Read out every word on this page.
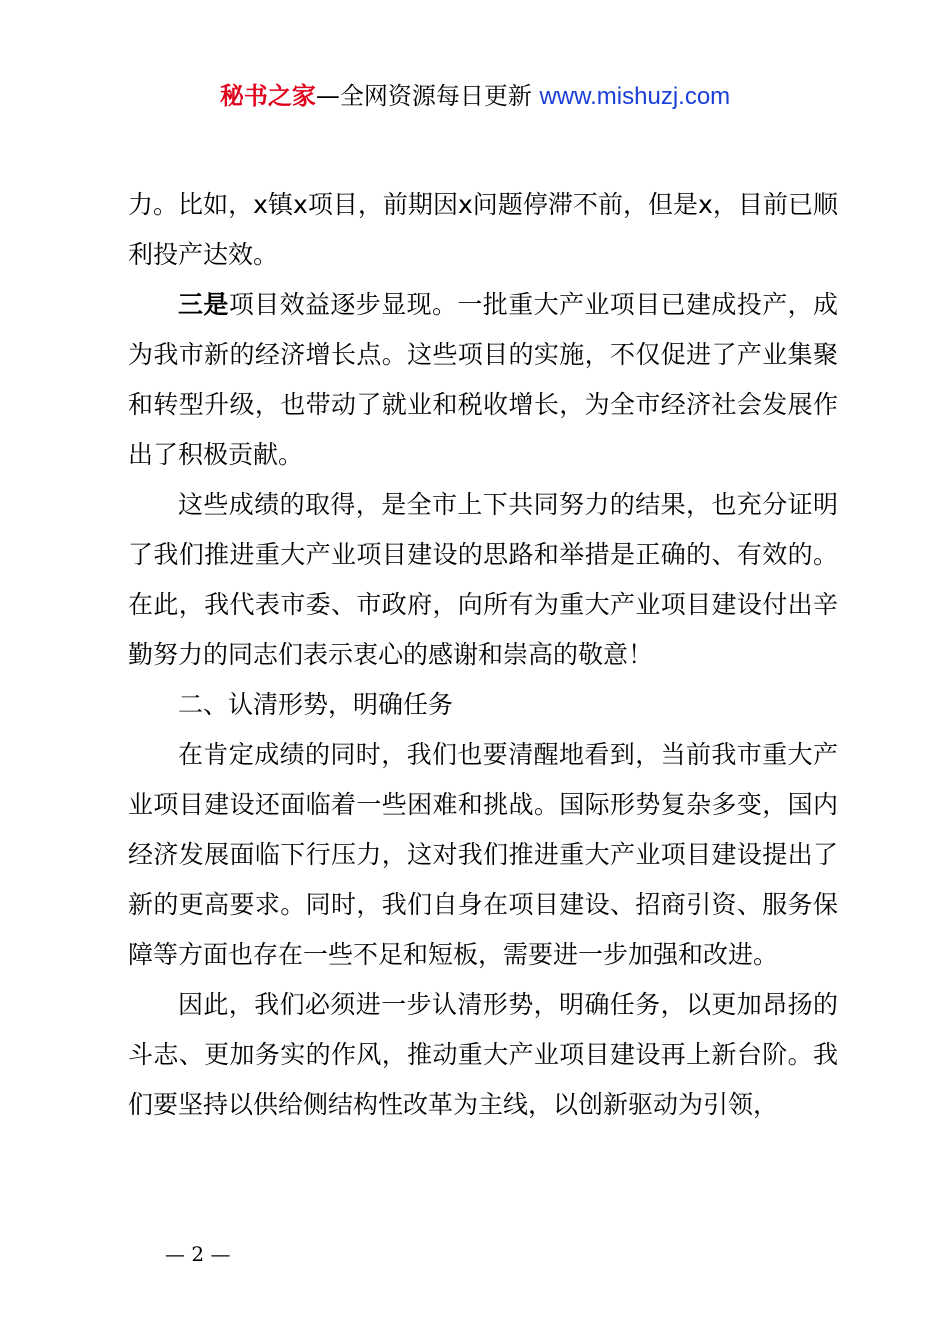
秘书之家—全网资源每日更新 www.mishuzj.com

力。比如，x镇x项目，前期因x问题停滞不前，但是x，目前已顺利投产达效。

三是项目效益逐步显现。一批重大产业项目已建成投产，成为我市新的经济增长点。这些项目的实施，不仅促进了产业集聚和转型升级，也带动了就业和税收增长，为全市经济社会发展作出了积极贡献。

这些成绩的取得，是全市上下共同努力的结果，也充分证明了我们推进重大产业项目建设的思路和举措是正确的、有效的。在此，我代表市委、市政府，向所有为重大产业项目建设付出辛勤努力的同志们表示衷心的感谢和崇高的敬意！

二、认清形势，明确任务

在肯定成绩的同时，我们也要清醒地看到，当前我市重大产业项目建设还面临着一些困难和挑战。国际形势复杂多变，国内经济发展面临下行压力，这对我们推进重大产业项目建设提出了新的更高要求。同时，我们自身在项目建设、招商引资、服务保障等方面也存在一些不足和短板，需要进一步加强和改进。

因此，我们必须进一步认清形势，明确任务，以更加昂扬的斗志、更加务实的作风，推动重大产业项目建设再上新台阶。我们要坚持以供给侧结构性改革为主线，以创新驱动为引领，

— 2 —
